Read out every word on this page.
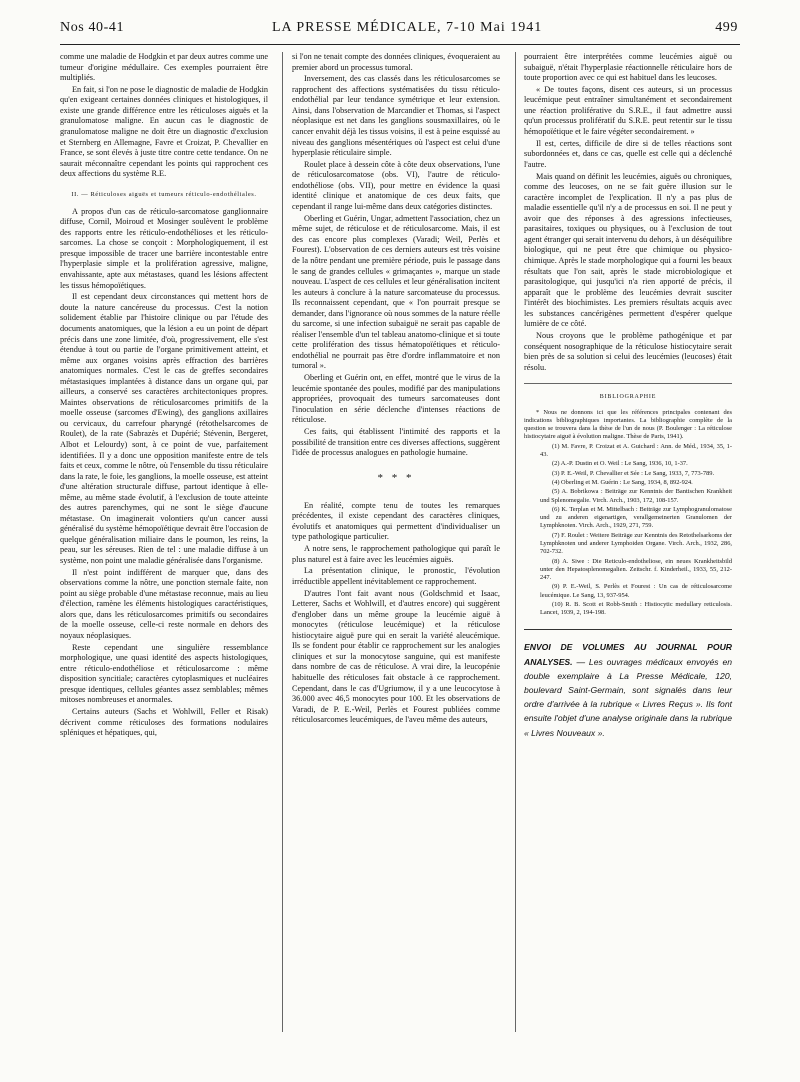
Nos 40-41	LA PRESSE MÉDICALE, 7-10 Mai 1941	499

comme une maladie de Hodgkin et par deux autres comme une tumeur d'origine médullaire. Ces exemples pourraient être multipliés.

En fait, si l'on ne pose le diagnostic de maladie de Hodgkin qu'en exigeant certaines données cliniques et histologiques, il existe une grande différence entre les réticuloses aiguës et la granulomatose maligne. En aucun cas le diagnostic de granulomatose maligne ne doit être un diagnostic d'exclusion et Sternberg en Allemagne, Favre et Croizat, P. Chevallier en France, se sont élevés à juste titre contre cette tendance. On ne saurait méconnaître cependant les points qui rapprochent ces deux affections du système R.E.

II. — Réticuloses aiguës et tumeurs réticulo-endothéliales.

A propos d'un cas de réticulo-sarcomatose ganglionnaire diffuse, Cornil, Moiroud et Mosinger soulèvent le problème des rapports entre les réticulo-endothélioses et les réticulo-sarcomes. La chose se conçoit : Morphologiquement, il est presque impossible de tracer une barrière incontestable entre l'hyperplasie simple et la prolifération agressive, maligne, envahissante, apte aux métastases, quand les lésions affectent les tissus hémopoïétiques.

Il est cependant deux circonstances qui mettent hors de doute la nature cancéreuse du processus. C'est la notion solidement établie par l'histoire clinique ou par l'étude des documents anatomiques, que la lésion a eu un point de départ précis dans une zone limitée, d'où, progressivement, elle s'est étendue à tout ou partie de l'organe primitivement atteint, et même aux organes voisins après effraction des barrières anatomiques normales. C'est le cas de greffes secondaires métastasiques implantées à distance dans un organe qui, par ailleurs, a conservé ses caractères architectoniques propres. Maintes observations de réticulosarcomes primitifs de la moelle osseuse (sarcomes d'Ewing), des ganglions axillaires ou cervicaux, du carrefour pharyngé (rétothelsarcomes de Roulet), de la rate (Sabrazès et Dupérié; Stévenin, Bergeret, Albot et Lelourdy) sont, à ce point de vue, parfaitement identifiées. Il y a donc une opposition manifeste entre de tels faits et ceux, comme le nôtre, où l'ensemble du tissu réticulaire dans la rate, le foie, les ganglions, la moelle osseuse, est atteint d'une altération structurale diffuse, partout identique à elle-même, au même stade évolutif, à l'exclusion de toute atteinte des autres parenchymes, qui ne sont le siège d'aucune métastase. On imaginerait volontiers qu'un cancer aussi généralisé du système hémopoïétique devrait être l'occasion de quelque généralisation miliaire dans le poumon, les reins, la peau, sur les séreuses. Rien de tel : une maladie diffuse à un système, non point une maladie généralisée dans l'organisme.

Il n'est point indifférent de marquer que, dans des observations comme la nôtre, une ponction sternale faite, non point au siège probable d'une métastase reconnue, mais au lieu d'élection, ramène les éléments histologiques caractéristiques, alors que, dans les réticulosarcomes primitifs ou secondaires de la moelle osseuse, celle-ci reste normale en dehors des noyaux néoplasiques.

Reste cependant une singulière ressemblance morphologique, une quasi identité des aspects histologiques, entre réticulo-endothéliose et réticulosarcome : même disposition syncitiale; caractères cytoplasmiques et nucléaires presque identiques, cellules géantes assez semblables; mêmes mitoses nombreuses et anormales.

Certains auteurs (Sachs et Wohlwill, Feller et Risak) décrivent comme réticuloses des formations nodulaires spléniques et hépatiques, qui,

si l'on ne tenait compte des données cliniques, évoqueraient au premier abord un processus tumoral.

Inversement, des cas classés dans les réticulosarcomes se rapprochent des affections systématisées du tissu réticulo-endothélial par leur tendance symétrique et leur extension. Ainsi, dans l'observation de Marcandier et Thomas, si l'aspect néoplasique est net dans les ganglions sousmaxillaires, où le cancer envahit déjà les tissus voisins, il est à peine esquissé au niveau des ganglions mésentériques où l'aspect est celui d'une hyperplasie réticulaire simple.

Roulet place à dessein côte à côte deux observations, l'une de réticulosarcomatose (obs. VI), l'autre de réticulo-endothéliose (obs. VII), pour mettre en évidence la quasi identité clinique et anatomique de ces deux faits, que cependant il range lui-même dans deux catégories distinctes.

Oberling et Guérin, Ungar, admettent l'association, chez un même sujet, de réticulose et de réticulosarcome. Mais, il est des cas encore plus complexes (Varadi; Weil, Perlès et Fourest). L'observation de ces derniers auteurs est très voisine de la nôtre pendant une première période, puis le passage dans le sang de grandes cellules « grimaçantes », marque un stade nouveau. L'aspect de ces cellules et leur généralisation incitent les auteurs à conclure à la nature sarcomateuse du processus. Ils reconnaissent cependant, que « l'on pourrait presque se demander, dans l'ignorance où nous sommes de la nature réelle du sarcome, si une infection subaiguë ne serait pas capable de réaliser l'ensemble d'un tel tableau anatomo-clinique et si toute cette prolifération des tissus hématopoïétiques et réticulo-endothélial ne pourrait pas être d'ordre inflammatoire et non tumoral ».

Oberling et Guérin ont, en effet, montré que le virus de la leucémie spontanée des poules, modifié par des manipulations appropriées, provoquait des tumeurs sarcomateuses dont l'inoculation en série déclenche d'intenses réactions de réticulose.

Ces faits, qui établissent l'intimité des rapports et la possibilité de transition entre ces diverses affections, suggèrent l'idée de processus analogues en pathologie humaine.

* * *

En réalité, compte tenu de toutes les remarques précédentes, il existe cependant des caractères cliniques, évolutifs et anatomiques qui permettent d'individualiser un type pathologique particulier.

A notre sens, le rapprochement pathologique qui paraît le plus naturel est à faire avec les leucémies aiguës.

La présentation clinique, le pronostic, l'évolution irréductible appellent inévitablement ce rapprochement.

D'autres l'ont fait avant nous (Goldschmid et Isaac, Letterer, Sachs et Wohlwill, et d'autres encore) qui suggèrent d'englober dans un même groupe la leucémie aiguë à monocytes (réticulose leucémique) et la réticulose histiocytaire aiguë pure qui en serait la variété aleucémique. Ils se fondent pour établir ce rapprochement sur les analogies cliniques et sur la monocytose sanguine, qui est manifeste dans nombre de cas de réticulose. A vrai dire, la leucopénie habituelle des réticuloses fait obstacle à ce rapprochement. Cependant, dans le cas d'Ugriumow, il y a une leucocytose à 36.000 avec 46,5 monocytes pour 100. Et les observations de Varadi, de P. E.-Weil, Perlès et Fourest publiées comme réticulosarcomes leucémiques, de l'aveu même des auteurs,

pourraient être interprétées comme leucémies aiguë ou subaiguë, n'était l'hyperplasie réactionnelle réticulaire hors de toute proportion avec ce qui est habituel dans les leucoses.

« De toutes façons, disent ces auteurs, si un processus leucémique peut entraîner simultanément et secondairement une réaction proliférative du S.R.E., il faut admettre aussi qu'un processus prolifératif du S.R.E. peut retentir sur le tissu hémopoïétique et le faire végéter secondairement. »

Il est, certes, difficile de dire si de telles réactions sont subordonnées et, dans ce cas, quelle est celle qui a déclenché l'autre.

Mais quand on définit les leucémies, aiguës ou chroniques, comme des leucoses, on ne se fait guère illusion sur le caractère incomplet de l'explication. Il n'y a pas plus de maladie essentielle qu'il n'y a de processus en soi. Il ne peut y avoir que des réponses à des agressions infectieuses, parasitaires, toxiques ou physiques, ou à l'exclusion de tout agent étranger qui serait intervenu du dehors, à un déséquilibre biologique, qui ne peut être que chimique ou physico-chimique. Après le stade morphologique qui a fourni les beaux résultats que l'on sait, après le stade microbiologique et parasitologique, qui jusqu'ici n'a rien apporté de précis, il apparaît que le problème des leucémies devrait susciter l'intérêt des biochimistes. Les premiers résultats acquis avec les substances cancérigènes permettent d'espérer quelque lumière de ce côté.

Nous croyons que le problème pathogénique et par conséquent nosographique de la réticulose histiocytaire serait bien près de sa solution si celui des leucémies (leucoses) était résolu.

BIBLIOGRAPHIE

* Nous ne donnons ici que les références principales contenant des indications bibliographiques importantes. La bibliographie complète de la question se trouvera dans la thèse de l'un de nous (P. Boulenger : La réticulose histiocytaire aiguë à évolution maligne. Thèse de Paris, 1941).

(1) M. Favre, P. Croizat et A. Guichard : Ann. de Méd., 1934, 35, 1-43.

(2) A.-P. Dustin et O. Weil : Le Sang, 1936, 10, 1-37.

(3) P. E.-Weil, P. Chevallier et Sée : Le Sang, 1933, 7, 773-789.

(4) Oberling et M. Guérin : Le Sang, 1934, 8, 892-924.

(5) A. Bobrikowa : Beiträge zur Kenntnis der Bantischen Krankheit und Splenomegalie. Virch. Arch., 1903, 172, 108-157.

(6) K. Terplan et M. Mittelbach : Beiträge zur Lymphogranulomatose und zu anderen eigenartigen, verallgemeinerten Granulomen der Lymphknoten. Virch. Arch., 1929, 271, 759.

(7) F. Roulet : Weitere Beiträge zur Kenntnis des Retothelsarkoms der Lymphknoten und anderer Lymphoiden Organe. Virch. Arch., 1932, 286, 702-732.

(8) A. Siwe : Die Reticulo-endotheliose, ein neues Krankheitsbild unter den Hepatosplenomegalien. Zeitschr. f. Kinderheil., 1933, 55, 212-247.

(9) P. E.-Weil, S. Perlès et Fourest : Un cas de réticulosarcome leucémique. Le Sang, 13, 937-954.

(10) R. B. Scott et Robb-Smith : Histiocytic medullary reticulosis. Lancet, 1939, 2, 194-198.

ENVOI DE VOLUMES AU JOURNAL POUR ANALYSES. — Les ouvrages médicaux envoyés en double exemplaire à La Presse Médicale, 120, boulevard Saint-Germain, sont signalés dans leur ordre d'arrivée à la rubrique « Livres Reçus ». Ils font ensuite l'objet d'une analyse originale dans la rubrique « Livres Nouveaux ».
